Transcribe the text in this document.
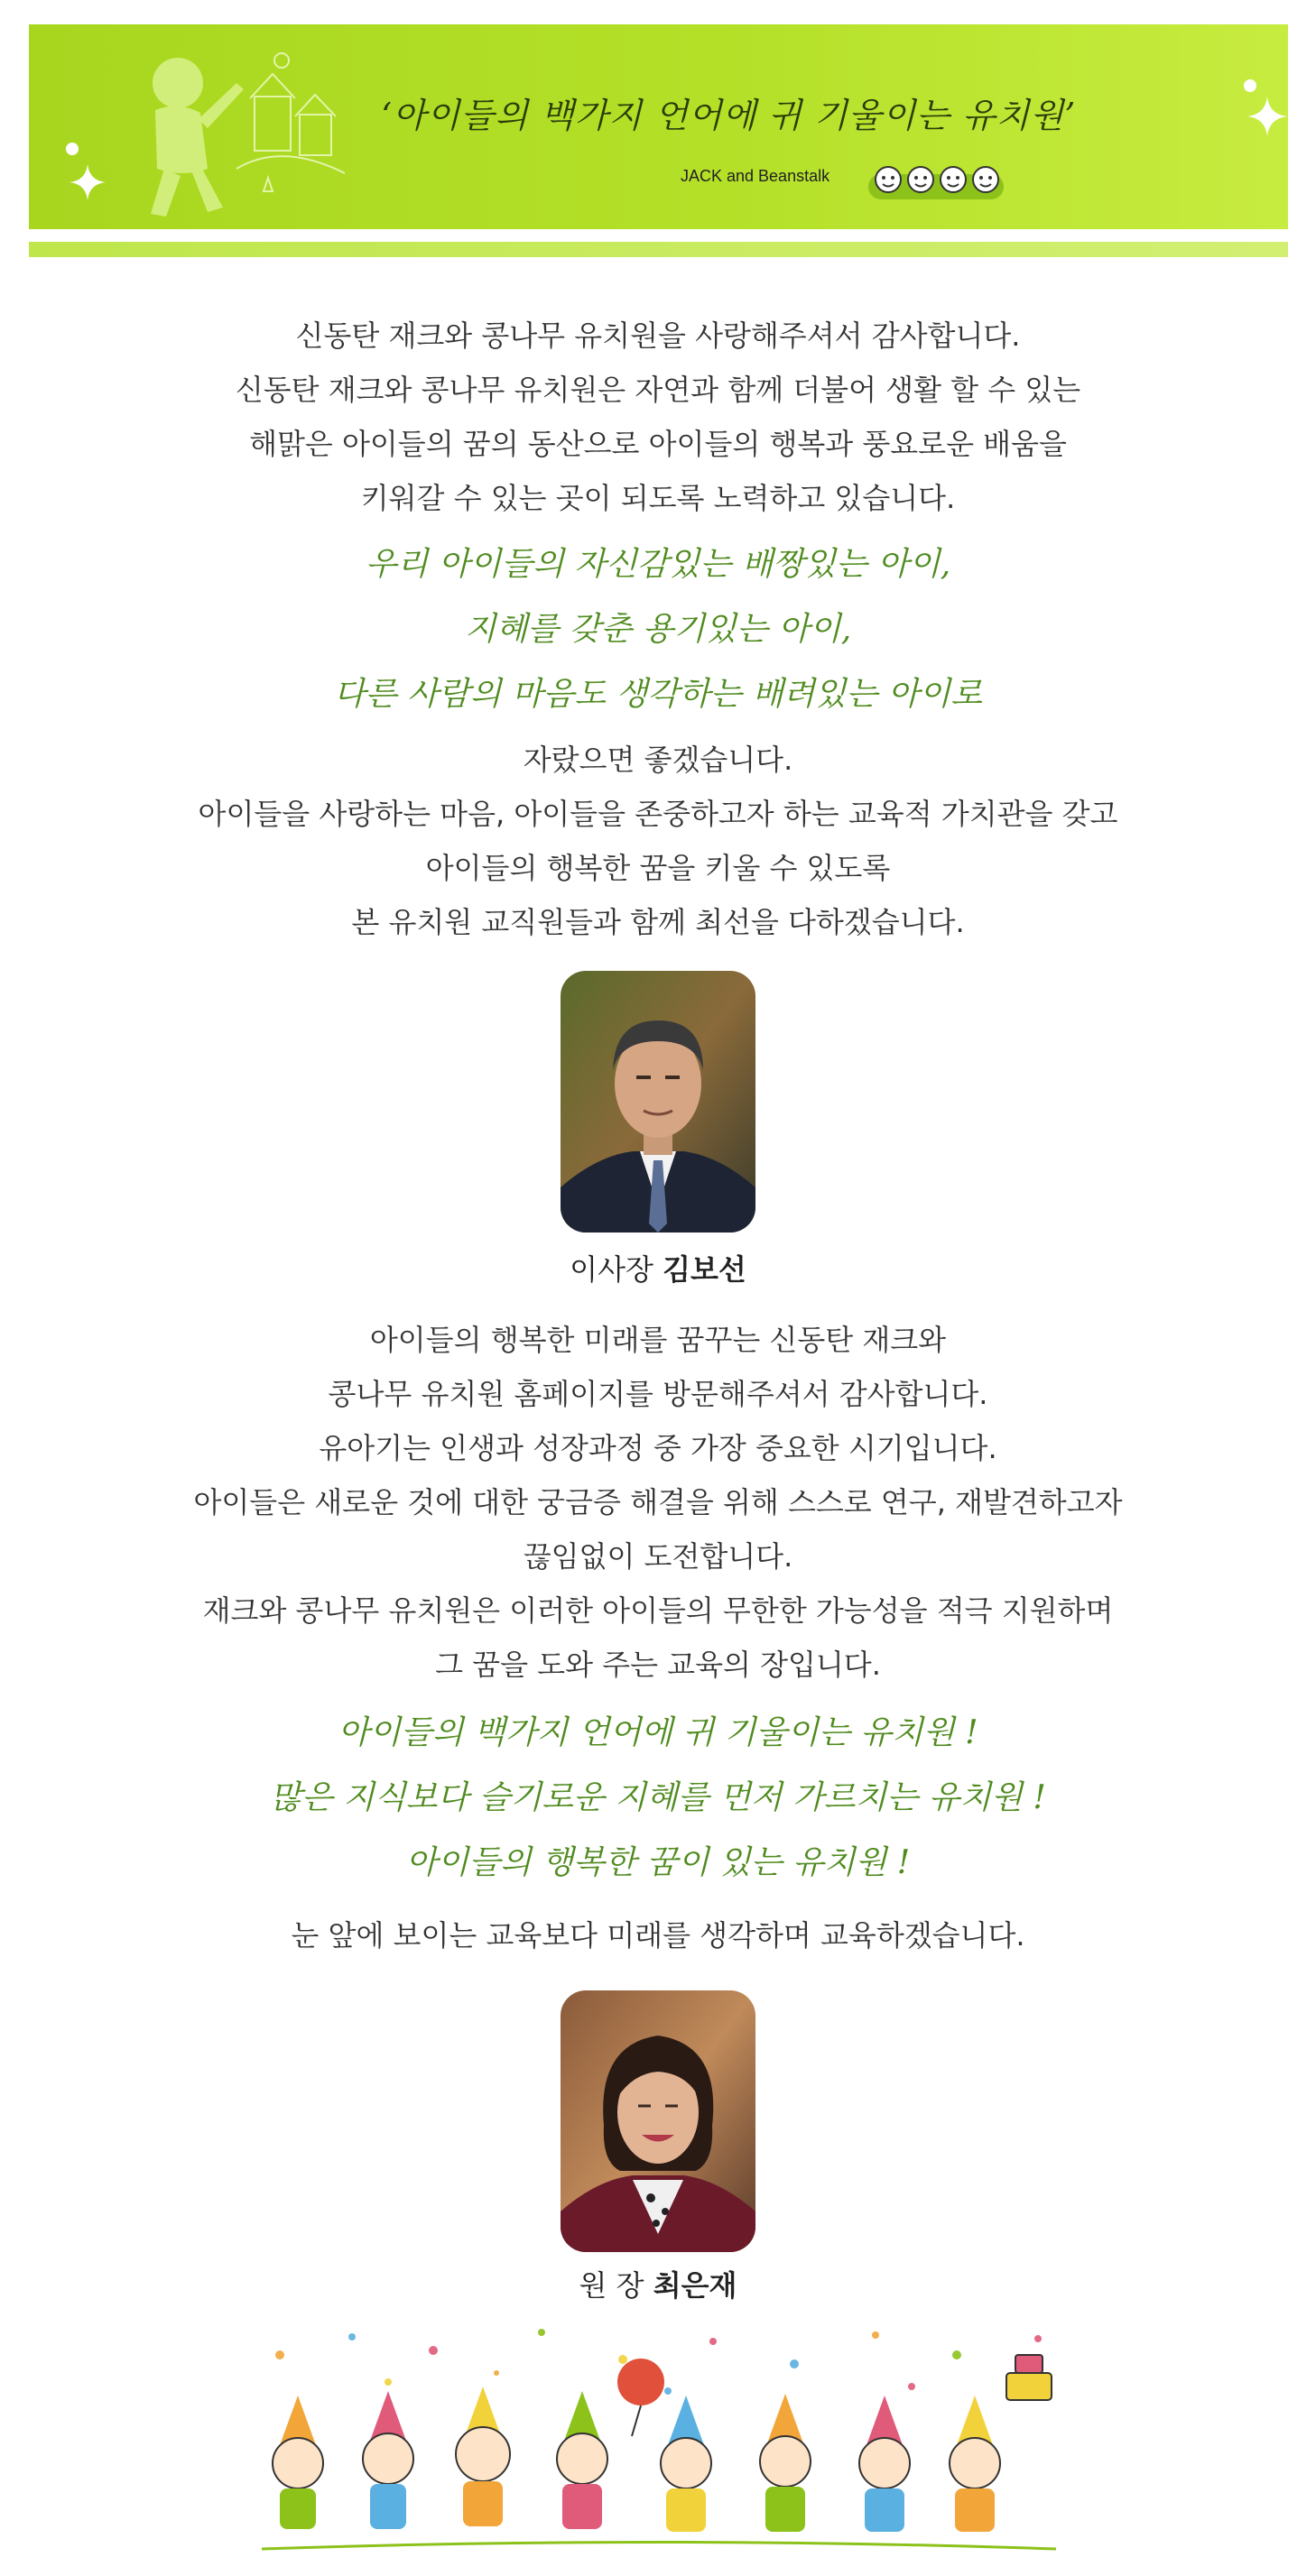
‘아이들의 백가지 언어에 귀 기울이는 유치원’
JACK and Beanstalk
신동탄 재크와 콩나무 유치원을 사랑해주셔서 감사합니다.
신동탄 재크와 콩나무 유치원은 자연과 함께 더불어 생활 할 수 있는
해맑은 아이들의 꿈의 동산으로 아이들의 행복과 풍요로운 배움을
키워갈 수 있는 곳이 되도록 노력하고 있습니다.
우리 아이들의 자신감있는 배짱있는 아이,
지혜를 갖춘 용기있는 아이,
다른 사람의 마음도 생각하는 배려있는 아이로
자랐으면 좋겠습니다.
아이들을 사랑하는 마음, 아이들을 존중하고자 하는 교육적 가치관을 갖고
아이들의 행복한 꿈을 키울 수 있도록
본 유치원 교직원들과 함께 최선을 다하겠습니다.
이사장 김보선
아이들의 행복한 미래를 꿈꾸는 신동탄 재크와
콩나무 유치원 홈페이지를 방문해주셔서 감사합니다.
유아기는 인생과 성장과정 중 가장 중요한 시기입니다.
아이들은 새로운 것에 대한 궁금증 해결을 위해 스스로 연구, 재발견하고자
끊임없이 도전합니다.
재크와 콩나무 유치원은 이러한 아이들의 무한한 가능성을 적극 지원하며
그 꿈을 도와 주는 교육의 장입니다.
아이들의 백가지 언어에 귀 기울이는 유치원 !
많은 지식보다 슬기로운 지혜를 먼저 가르치는 유치원 !
아이들의 행복한 꿈이 있는 유치원 !
눈 앞에 보이는 교육보다 미래를 생각하며 교육하겠습니다.
원 장 최은재
